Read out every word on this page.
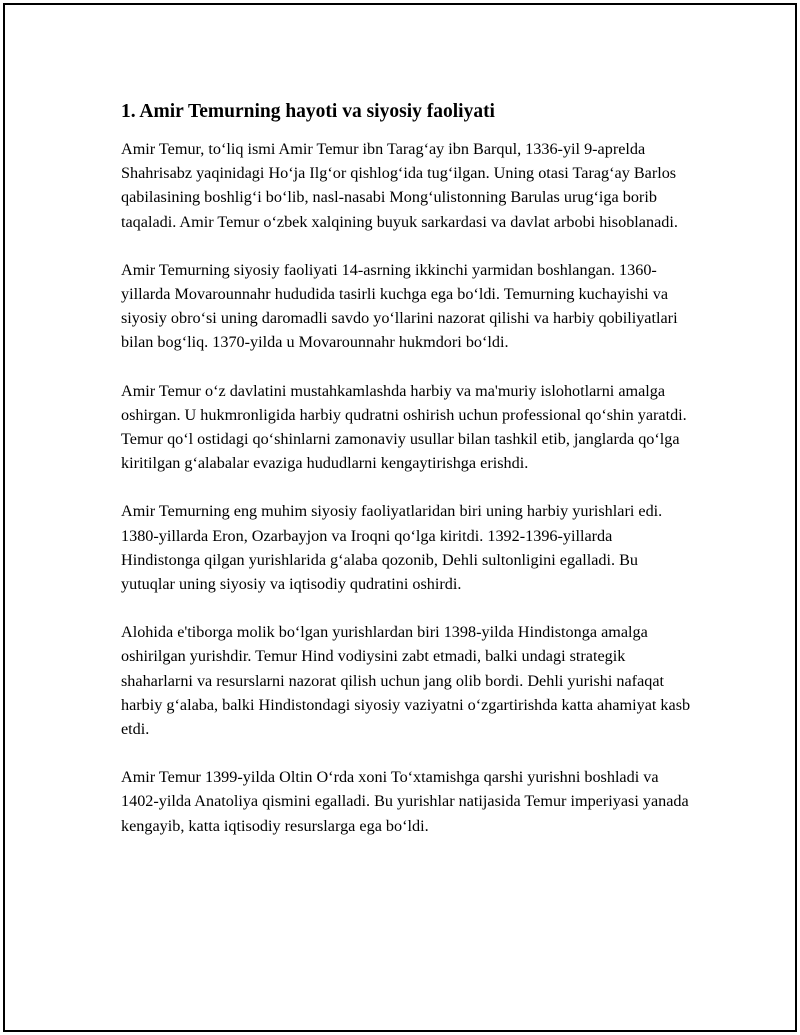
1. Amir Temurning hayoti va siyosiy faoliyati

Amir Temur, to‘liq ismi Amir Temur ibn Tarag‘ay ibn Barqul, 1336-yil 9-aprelda Shahrisabz yaqinidagi Ho‘ja Ilg‘or qishlog‘ida tug‘ilgan. Uning otasi Tarag‘ay Barlos qabilasining boshlig‘i bo‘lib, nasl-nasabi Mong‘ulistonning Barulas urug‘iga borib taqaladi. Amir Temur o‘zbek xalqining buyuk sarkardasi va davlat arbobi hisoblanadi.

Amir Temurning siyosiy faoliyati 14-asrning ikkinchi yarmidan boshlangan. 1360-yillarda Movarounnahr hududida tasirli kuchga ega bo‘ldi. Temurning kuchayishi va siyosiy obro‘si uning daromadli savdo yo‘llarini nazorat qilishi va harbiy qobiliyatlari bilan bog‘liq. 1370-yilda u Movarounnahr hukmdori bo‘ldi.

Amir Temur o‘z davlatini mustahkamlashda harbiy va ma'muriy islohotlarni amalga oshirgan. U hukmronligida harbiy qudratni oshirish uchun professional qo‘shin yaratdi. Temur qo‘l ostidagi qo‘shinlarni zamonaviy usullar bilan tashkil etib, janglarda qo‘lga kiritilgan g‘alabalar evaziga hududlarni kengaytirishga erishdi.

Amir Temurning eng muhim siyosiy faoliyatlaridan biri uning harbiy yurishlari edi. 1380-yillarda Eron, Ozarbayjon va Iroqni qo‘lga kiritdi. 1392-1396-yillarda Hindistonga qilgan yurishlarida g‘alaba qozonib, Dehli sultonligini egalladi. Bu yutuqlar uning siyosiy va iqtisodiy qudratini oshirdi.

Alohida e'tiborga molik bo‘lgan yurishlardan biri 1398-yilda Hindistonga amalga oshirilgan yurishdir. Temur Hind vodiysini zabt etmadi, balki undagi strategik shaharlarni va resurslarni nazorat qilish uchun jang olib bordi. Dehli yurishi nafaqat harbiy g‘alaba, balki Hindistondagi siyosiy vaziyatni o‘zgartirishda katta ahamiyat kasb etdi.

Amir Temur 1399-yilda Oltin O‘rda xoni To‘xtamishga qarshi yurishni boshladi va 1402-yilda Anatoliya qismini egalladi. Bu yurishlar natijasida Temur imperiyasi yanada kengayib, katta iqtisodiy resurslarga ega bo‘ldi.
